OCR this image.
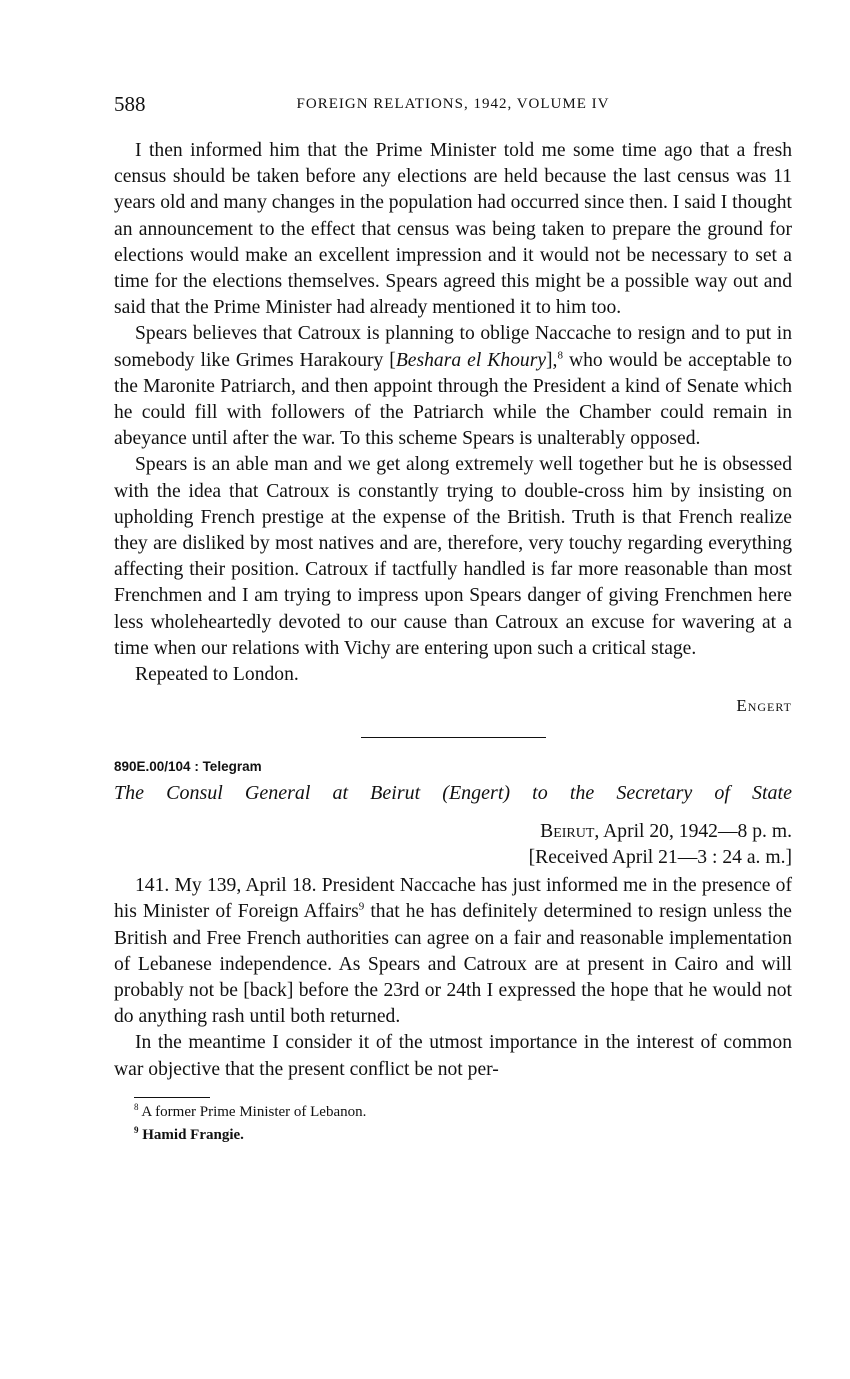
588	FOREIGN RELATIONS, 1942, VOLUME IV

I then informed him that the Prime Minister told me some time ago that a fresh census should be taken before any elections are held because the last census was 11 years old and many changes in the population had occurred since then. I said I thought an announcement to the effect that census was being taken to prepare the ground for elections would make an excellent impression and it would not be necessary to set a time for the elections themselves. Spears agreed this might be a possible way out and said that the Prime Minister had already mentioned it to him too.

Spears believes that Catroux is planning to oblige Naccache to resign and to put in somebody like Grimes Harakoury [Beshara el Khoury],$^8$ who would be acceptable to the Maronite Patriarch, and then appoint through the President a kind of Senate which he could fill with followers of the Patriarch while the Chamber could remain in abeyance until after the war. To this scheme Spears is unalterably opposed.

Spears is an able man and we get along extremely well together but he is obsessed with the idea that Catroux is constantly trying to double-cross him by insisting on upholding French prestige at the expense of the British. Truth is that French realize they are disliked by most natives and are, therefore, very touchy regarding everything affecting their position. Catroux if tactfully handled is far more reasonable than most Frenchmen and I am trying to impress upon Spears danger of giving Frenchmen here less wholeheartedly devoted to our cause than Catroux an excuse for wavering at a time when our relations with Vichy are entering upon such a critical stage.

Repeated to London.

Engert
890E.00/104 : Telegram
The Consul General at Beirut (Engert) to the Secretary of State
Beirut, April 20, 1942—8 p. m.
[Received April 21—3 : 24 a. m.]

141. My 139, April 18. President Naccache has just informed me in the presence of his Minister of Foreign Affairs$^9$ that he has definitely determined to resign unless the British and Free French authorities can agree on a fair and reasonable implementation of Lebanese independence. As Spears and Catroux are at present in Cairo and will probably not be [back] before the 23rd or 24th I expressed the hope that he would not do anything rash until both returned.

In the meantime I consider it of the utmost importance in the interest of common war objective that the present conflict be not per-

$^8$ A former Prime Minister of Lebanon.
$^9$ Hamid Frangie.
